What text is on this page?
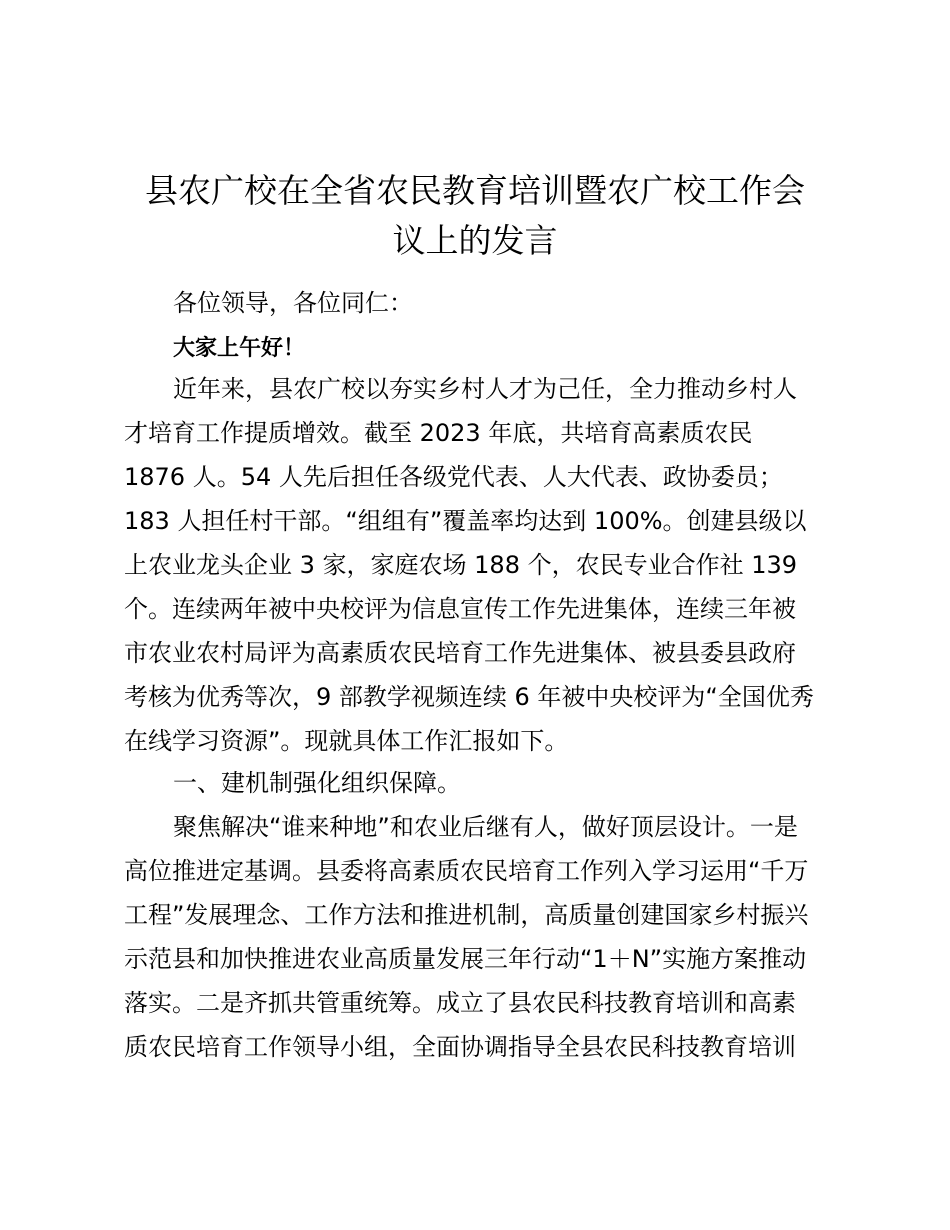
县农广校在全省农民教育培训暨农广校工作会
议上的发言
各位领导，各位同仁：
大家上午好！
近年来，县农广校以夯实乡村人才为己任，全力推动乡村人
才培育工作提质增效。截至 2023 年底，共培育高素质农民
1876 人。54 人先后担任各级党代表、人大代表、政协委员；
183 人担任村干部。“组组有”覆盖率均达到 100%。创建县级以
上农业龙头企业 3 家，家庭农场 188 个，农民专业合作社 139
个。连续两年被中央校评为信息宣传工作先进集体，连续三年被
市农业农村局评为高素质农民培育工作先进集体、被县委县政府
考核为优秀等次，9 部教学视频连续 6 年被中央校评为“全国优秀
在线学习资源”。现就具体工作汇报如下。
一、建机制强化组织保障。
聚焦解决“谁来种地”和农业后继有人，做好顶层设计。一是
高位推进定基调。县委将高素质农民培育工作列入学习运用“千万
工程”发展理念、工作方法和推进机制，高质量创建国家乡村振兴
示范县和加快推进农业高质量发展三年行动“1＋N”实施方案推动
落实。二是齐抓共管重统筹。成立了县农民科技教育培训和高素
质农民培育工作领导小组，全面协调指导全县农民科技教育培训
